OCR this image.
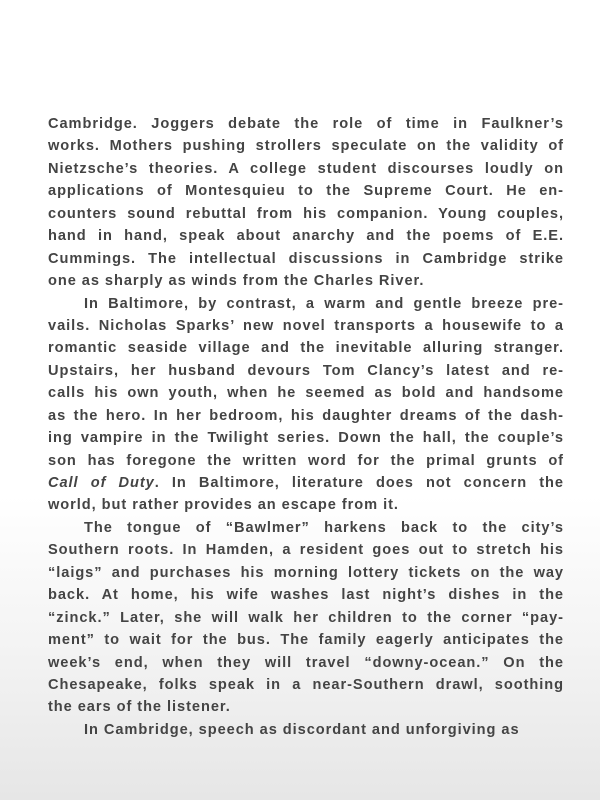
Cambridge. Joggers debate the role of time in Faulkner’s
works. Mothers pushing strollers speculate on the validity of
Nietzsche’s theories. A college student discourses loudly on
applications of Montesquieu to the Supreme Court. He en-
counters sound rebuttal from his companion. Young couples,
hand in hand, speak about anarchy and the poems of E.E.
Cummings. The intellectual discussions in Cambridge strike
one as sharply as winds from the Charles River.
In Baltimore, by contrast, a warm and gentle breeze pre-
vails. Nicholas Sparks’ new novel transports a housewife to a
romantic seaside village and the inevitable alluring stranger.
Upstairs, her husband devours Tom Clancy’s latest and re-
calls his own youth, when he seemed as bold and handsome
as the hero. In her bedroom, his daughter dreams of the dash-
ing vampire in the Twilight series. Down the hall, the couple’s
son has foregone the written word for the primal grunts of
Call of Duty. In Baltimore, literature does not concern the
world, but rather provides an escape from it.
The tongue of “Bawlmer” harkens back to the city’s
Southern roots. In Hamden, a resident goes out to stretch his
“laigs” and purchases his morning lottery tickets on the way
back. At home, his wife washes last night’s dishes in the
“zinck.” Later, she will walk her children to the corner “pay-
ment” to wait for the bus. The family eagerly anticipates the
week’s end, when they will travel “downy-ocean.” On the
Chesapeake, folks speak in a near-Southern drawl, soothing
the ears of the listener.
In Cambridge, speech as discordant and unforgiving as
